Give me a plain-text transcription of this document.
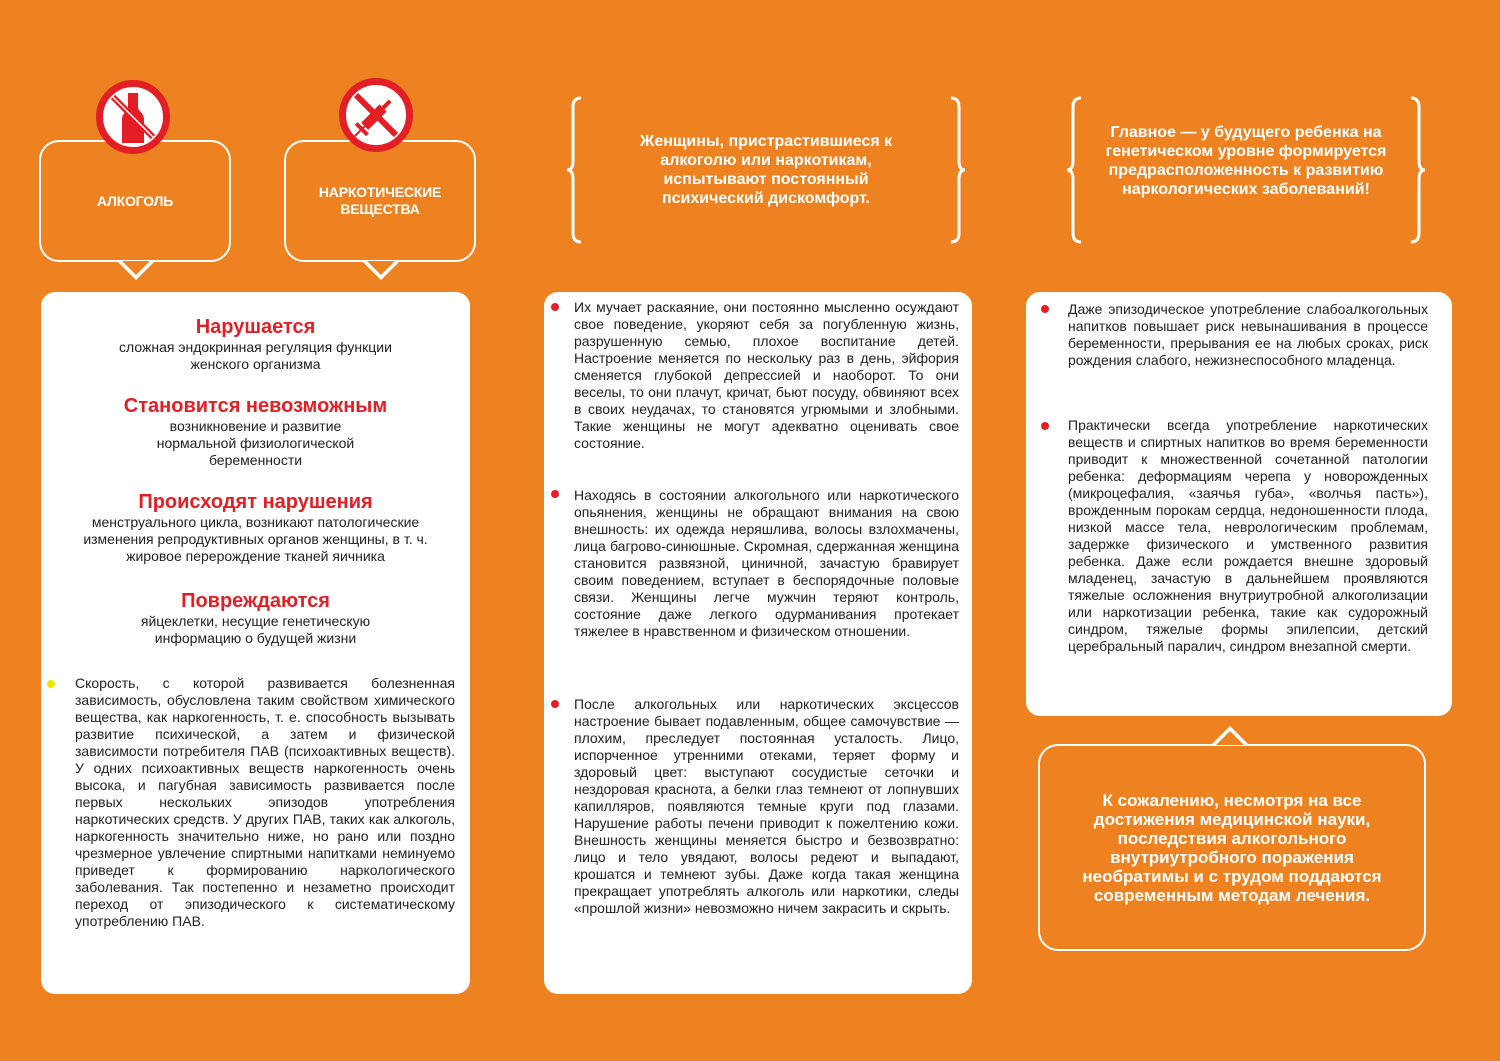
АЛКОГОЛЬ
НАРКОТИЧЕСКИЕ ВЕЩЕСТВА
Женщины, пристрастившиеся к алкоголю или наркотикам, испытывают постоянный психический дискомфорт.
Главное — у будущего ребенка на генетическом уровне формируется предрасположенность к развитию наркологических заболеваний!

Нарушается

сложная эндокринная регуляция функции женского организма

Становится невозможным

возникновение и развитие нормальной физиологической беременности

Происходят нарушения

менструального цикла, возникают патологические изменения репродуктивных органов женщины, в т. ч. жировое перерождение тканей яичника

Повреждаются

яйцеклетки, несущие генетическую информацию о будущей жизни

Скорость, с которой развивается болезненная зависимость, обусловлена таким свойством химического вещества, как наркогенность, т. е. способность вызывать развитие психической, а затем и физической зависимости потребителя ПАВ (психоактивных веществ). У одних психоактивных веществ наркогенность очень высока, и пагубная зависимость развивается после первых нескольких эпизодов употребления наркотических средств. У других ПАВ, таких как алкоголь, наркогенность значительно ниже, но рано или поздно чрезмерное увлечение спиртными напитками неминуемо приведет к формированию наркологического заболевания. Так постепенно и незаметно происходит переход от эпизодического к систематическому употреблению ПАВ.

Их мучает раскаяние, они постоянно мысленно осуждают свое поведение, укоряют себя за погубленную жизнь, разрушенную семью, плохое воспитание детей. Настроение меняется по нескольку раз в день, эйфория сменяется глубокой депрессией и наоборот. То они веселы, то они плачут, кричат, бьют посуду, обвиняют всех в своих неудачах, то становятся угрюмыми и злобными. Такие женщины не могут адекватно оценивать свое состояние.

Находясь в состоянии алкогольного или наркотического опьянения, женщины не обращают внимания на свою внешность: их одежда неряшлива, волосы взлохмачены, лица багрово-синюшные. Скромная, сдержанная женщина становится развязной, циничной, зачастую бравирует своим поведением, вступает в беспорядочные половые связи. Женщины легче мужчин теряют контроль, состояние даже легкого одурманивания протекает тяжелее в нравственном и физическом отношении.

После алкогольных или наркотических эксцессов настроение бывает подавленным, общее самочувствие — плохим, преследует постоянная усталость. Лицо, испорченное утренними отеками, теряет форму и здоровый цвет: выступают сосудистые сеточки и нездоровая краснота, а белки глаз темнеют от лопнувших капилляров, появляются темные круги под глазами. Нарушение работы печени приводит к пожелтению кожи. Внешность женщины меняется быстро и безвозвратно: лицо и тело увядают, волосы редеют и выпадают, крошатся и темнеют зубы. Даже когда такая женщина прекращает употреблять алкоголь или наркотики, следы «прошлой жизни» невозможно ничем закрасить и скрыть.

Даже эпизодическое употребление слабоалкогольных напитков повышает риск невынашивания в процессе беременности, прерывания ее на любых сроках, риск рождения слабого, нежизнеспособного младенца.

Практически всегда употребление наркотических веществ и спиртных напитков во время беременности приводит к множественной сочетанной патологии ребенка: деформациям черепа у новорожденных (микроцефалия, «заячья губа», «волчья пасть»), врожденным порокам сердца, недоношенности плода, низкой массе тела, неврологическим проблемам, задержке физического и умственного развития ребенка. Даже если рождается внешне здоровый младенец, зачастую в дальнейшем проявляются тяжелые осложнения внутриутробной алкоголизации или наркотизации ребенка, такие как судорожный синдром, тяжелые формы эпилепсии, детский церебральный паралич, синдром внезапной смерти.

К сожалению, несмотря на все достижения медицинской науки, последствия алкогольного внутриутробного поражения необратимы и с трудом поддаются современным методам лечения.
